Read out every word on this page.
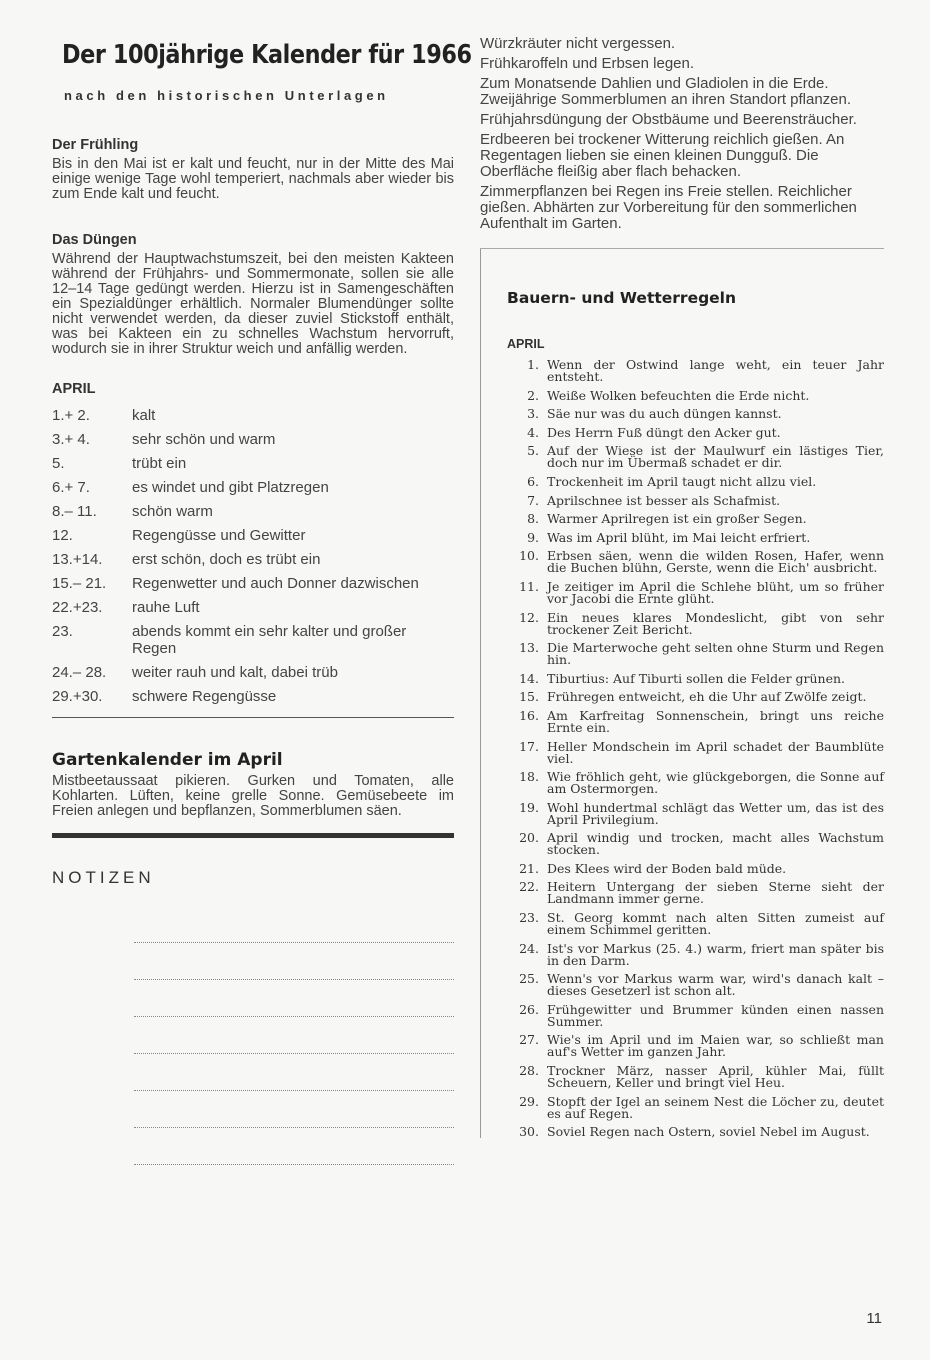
Der 100jährige Kalender für 1966
nach den historischen Unterlagen
Der Frühling
Bis in den Mai ist er kalt und feucht, nur in der Mitte des Mai einige wenige Tage wohl temperiert, nachmals aber wieder bis zum Ende kalt und feucht.
Das Düngen
Während der Hauptwachstumszeit, bei den meisten Kakteen während der Frühjahrs- und Sommermonate, sollen sie alle 12–14 Tage gedüngt werden. Hierzu ist in Samengeschäften ein Spezialdünger erhältlich. Normaler Blumendünger sollte nicht verwendet werden, da dieser zuviel Stickstoff enthält, was bei Kakteen ein zu schnelles Wachstum hervorruft, wodurch sie in ihrer Struktur weich und anfällig werden.
APRIL
1.+ 2.	kalt
3.+ 4.	sehr schön und warm
5.	trübt ein
6.+ 7.	es windet und gibt Platzregen
8.– 11.	schön warm
12.	Regengüsse und Gewitter
13.+14.	erst schön, doch es trübt ein
15.– 21.	Regenwetter und auch Donner dazwischen
22.+23.	rauhe Luft
23.	abends kommt ein sehr kalter und großer Regen
24.– 28.	weiter rauh und kalt, dabei trüb
29.+30.	schwere Regengüsse
Gartenkalender im April
Mistbeetaussaat pikieren. Gurken und Tomaten, alle Kohlarten. Lüften, keine grelle Sonne. Gemüsebeete im Freien anlegen und bepflanzen, Sommerblumen säen.
NOTIZEN
Würzkräuter nicht vergessen.
Frühkaroffeln und Erbsen legen.
Zum Monatsende Dahlien und Gladiolen in die Erde. Zweijährige Sommerblumen an ihren Standort pflanzen.
Frühjahrsdüngung der Obstbäume und Beerensträucher.
Erdbeeren bei trockener Witterung reichlich gießen. An Regentagen lieben sie einen kleinen Dungguß. Die Oberfläche fleißig aber flach behacken.
Zimmerpflanzen bei Regen ins Freie stellen. Reichlicher gießen. Abhärten zur Vorbereitung für den sommerlichen Aufenthalt im Garten.
Bauern- und Wetterregeln
APRIL
1. Wenn der Ostwind lange weht, ein teuer Jahr entsteht.
2. Weiße Wolken befeuchten die Erde nicht.
3. Säe nur was du auch düngen kannst.
4. Des Herrn Fuß düngt den Acker gut.
5. Auf der Wiese ist der Maulwurf ein lästiges Tier, doch nur im Übermaß schadet er dir.
6. Trockenheit im April taugt nicht allzu viel.
7. Aprilschnee ist besser als Schafmist.
8. Warmer Aprilregen ist ein großer Segen.
9. Was im April blüht, im Mai leicht erfriert.
10. Erbsen säen, wenn die wilden Rosen, Hafer, wenn die Buchen blühn, Gerste, wenn die Eich' ausbricht.
11. Je zeitiger im April die Schlehe blüht, um so früher vor Jacobi die Ernte glüht.
12. Ein neues klares Mondeslicht, gibt von sehr trockener Zeit Bericht.
13. Die Marterwoche geht selten ohne Sturm und Regen hin.
14. Tiburtius: Auf Tiburti sollen die Felder grünen.
15. Frühregen entweicht, eh die Uhr auf Zwölfe zeigt.
16. Am Karfreitag Sonnenschein, bringt uns reiche Ernte ein.
17. Heller Mondschein im April schadet der Baumblüte viel.
18. Wie fröhlich geht, wie glückgeborgen, die Sonne auf am Ostermorgen.
19. Wohl hundertmal schlägt das Wetter um, das ist des April Privilegium.
20. April windig und trocken, macht alles Wachstum stocken.
21. Des Klees wird der Boden bald müde.
22. Heitern Untergang der sieben Sterne sieht der Landmann immer gerne.
23. St. Georg kommt nach alten Sitten zumeist auf einem Schimmel geritten.
24. Ist's vor Markus (25. 4.) warm, friert man später bis in den Darm.
25. Wenn's vor Markus warm war, wird's danach kalt – dieses Gesetzerl ist schon alt.
26. Frühgewitter und Brummer künden einen nassen Summer.
27. Wie's im April und im Maien war, so schließt man auf's Wetter im ganzen Jahr.
28. Trockner März, nasser April, kühler Mai, füllt Scheuern, Keller und bringt viel Heu.
29. Stopft der Igel an seinem Nest die Löcher zu, deutet es auf Regen.
30. Soviel Regen nach Ostern, soviel Nebel im August.
11
